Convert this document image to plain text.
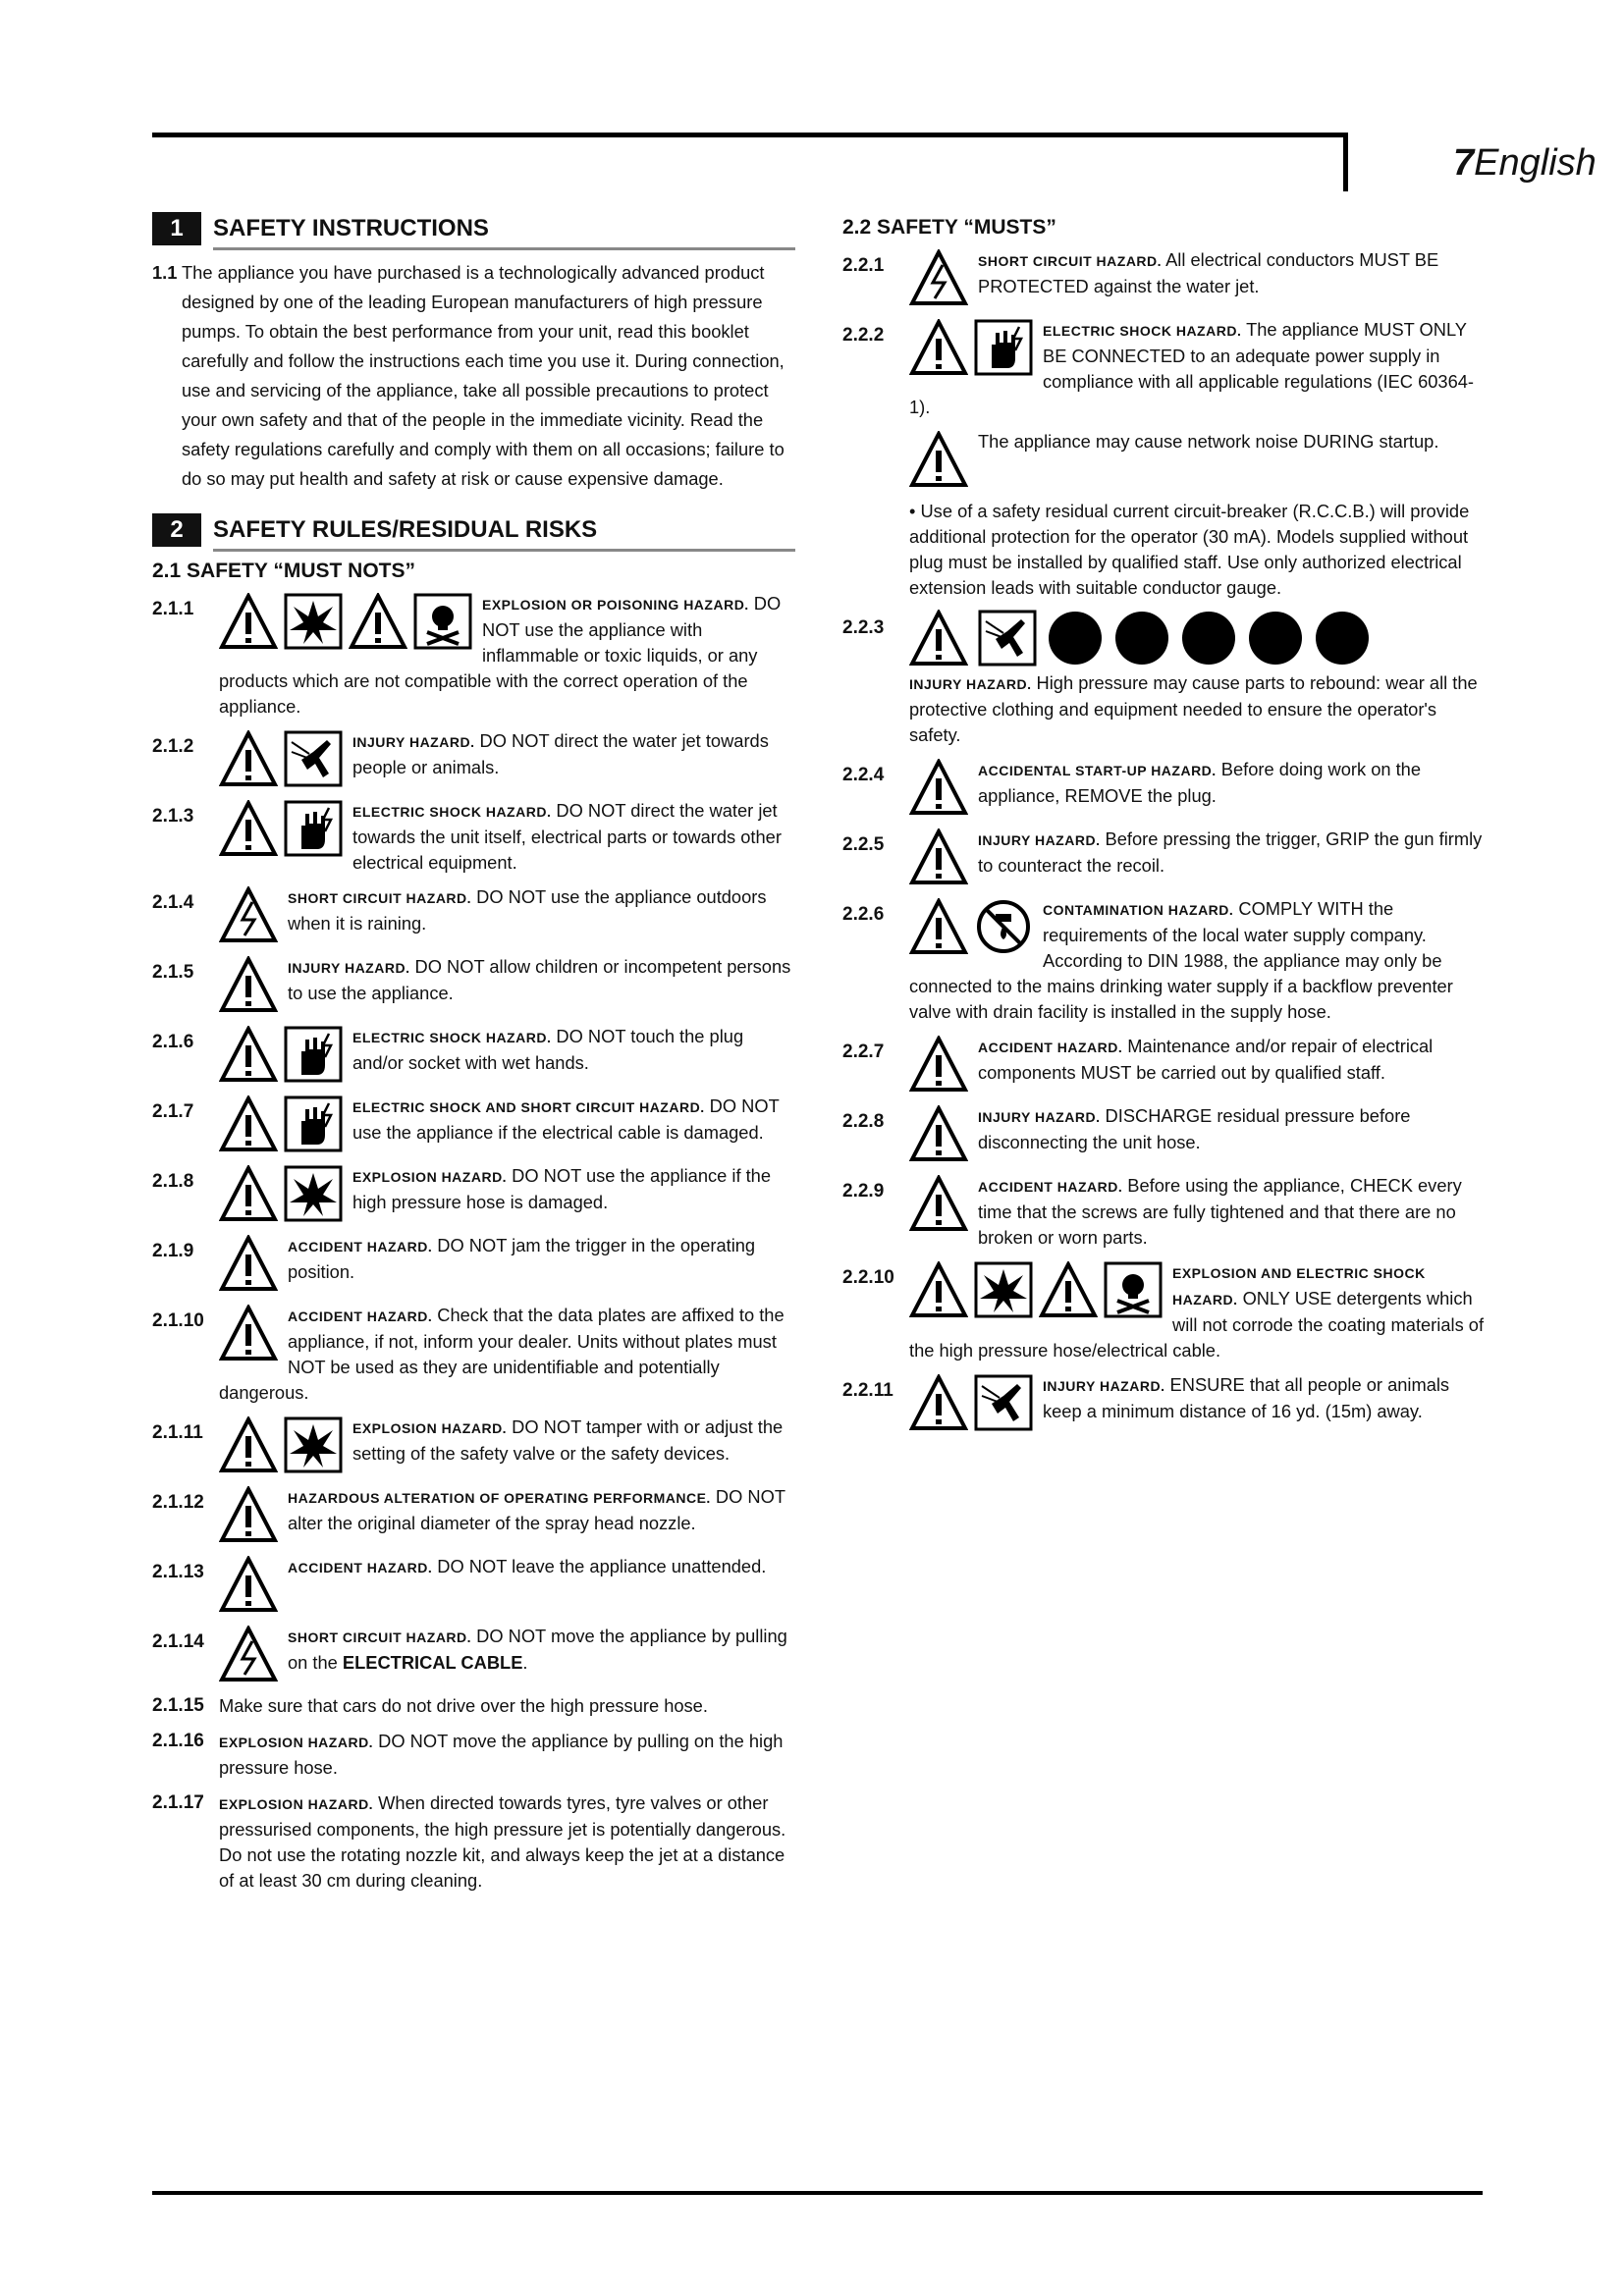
7English
1	SAFETY INSTRUCTIONS
1.1 The appliance you have purchased is a technologically advanced product designed by one of the leading European manufacturers of high pressure pumps. To obtain the best performance from your unit, read this booklet carefully and follow the instructions each time you use it. During connection, use and servicing of the appliance, take all possible precautions to protect your own safety and that of the people in the immediate vicinity. Read the safety regulations carefully and comply with them on all occasions; failure to do so may put health and safety at risk or cause expensive damage.
2	SAFETY RULES/RESIDUAL RISKS
2.1 SAFETY “MUST NOTS”
2.1.1	EXPLOSION OR POISONING HAZARD. DO NOT use the appliance with inflammable or toxic liquids, or any products which are not compatible with the correct operation of the appliance.
2.1.2	INJURY HAZARD. DO NOT direct the water jet towards people or animals.
2.1.3	ELECTRIC SHOCK HAZARD. DO NOT direct the water jet towards the unit itself, electrical parts or towards other electrical equipment.
2.1.4	SHORT CIRCUIT HAZARD. DO NOT use the appliance outdoors when it is raining.
2.1.5	INJURY HAZARD. DO NOT allow children or incompetent persons to use the appliance.
2.1.6	ELECTRIC SHOCK HAZARD. DO NOT touch the plug and/or socket with wet hands.
2.1.7	ELECTRIC SHOCK AND SHORT CIRCUIT HAZARD. DO NOT use the appliance if the electrical cable is damaged.
2.1.8	EXPLOSION HAZARD. DO NOT use the appliance if the high pressure hose is damaged.
2.1.9	ACCIDENT HAZARD. DO NOT jam the trigger in the operating position.
2.1.10	ACCIDENT HAZARD. Check that the data plates are affixed to the appliance, if not, inform your dealer. Units without plates must NOT be used as they are unidentifiable and potentially dangerous.
2.1.11	EXPLOSION HAZARD. DO NOT tamper with or adjust the setting of the safety valve or the safety devices.
2.1.12	HAZARDOUS ALTERATION OF OPERATING PERFORMANCE. DO NOT alter the original diameter of the spray head nozzle.
2.1.13	ACCIDENT HAZARD. DO NOT leave the appliance unattended.
2.1.14	SHORT CIRCUIT HAZARD. DO NOT move the appliance by pulling on the ELECTRICAL CABLE.
2.1.15 Make sure that cars do not drive over the high pressure hose.
2.1.16	EXPLOSION HAZARD. DO NOT move the appliance by pulling on the high pressure hose.
2.1.17	EXPLOSION HAZARD. When directed towards tyres, tyre valves or other pressurised components, the high pressure jet is potentially dangerous. Do not use the rotating nozzle kit, and always keep the jet at a distance of at least 30 cm during cleaning.
2.2 SAFETY “MUSTS”
2.2.1	SHORT CIRCUIT HAZARD. All electrical conductors MUST BE PROTECTED against the water jet.
2.2.2	ELECTRIC SHOCK HAZARD. The appliance MUST ONLY BE CONNECTED to an adequate power supply in compliance with all applicable regulations (IEC 60364-1).
The appliance may cause network noise DURING startup.
• Use of a safety residual current circuit-breaker (R.C.C.B.) will provide additional protection for the operator (30 mA). Models supplied without plug must be installed by qualified staff. Use only authorized electrical extension leads with suitable conductor gauge.
2.2.3
INJURY HAZARD. High pressure may cause parts to rebound: wear all the protective clothing and equipment needed to ensure the operator's safety.
2.2.4	ACCIDENTAL START-UP HAZARD. Before doing work on the appliance, REMOVE the plug.
2.2.5	INJURY HAZARD. Before pressing the trigger, GRIP the gun firmly to counteract the recoil.
2.2.6	CONTAMINATION HAZARD. COMPLY WITH the requirements of the local water supply company. According to DIN 1988, the appliance may only be connected to the mains drinking water supply if a backflow preventer valve with drain facility is installed in the supply hose.
2.2.7	ACCIDENT HAZARD. Maintenance and/or repair of electrical components MUST be carried out by qualified staff.
2.2.8	INJURY HAZARD. DISCHARGE residual pressure before disconnecting the unit hose.
2.2.9	ACCIDENT HAZARD. Before using the appliance, CHECK every time that the screws are fully tightened and that there are no broken or worn parts.
2.2.10	EXPLOSION AND ELECTRIC SHOCK HAZARD. ONLY USE detergents which will not corrode the coating materials of the high pressure hose/electrical cable.
2.2.11	INJURY HAZARD. ENSURE that all people or animals keep a minimum distance of 16 yd. (15m) away.
